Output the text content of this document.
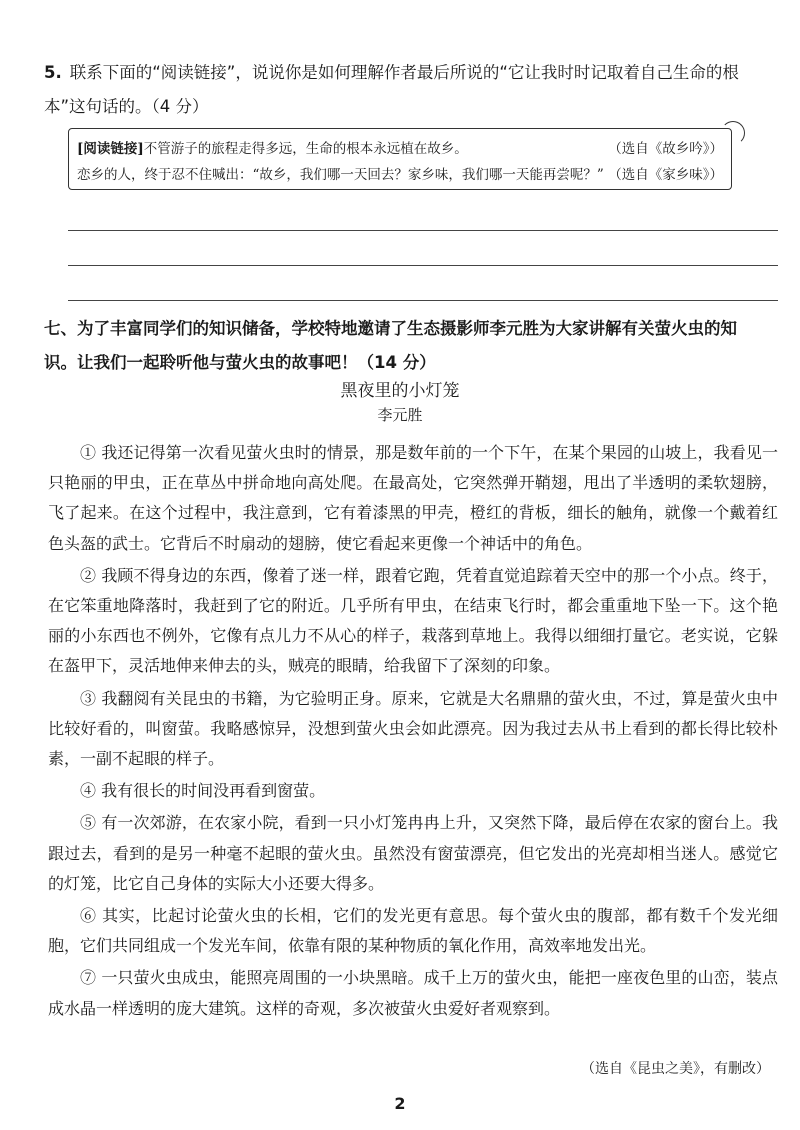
5. 联系下面的“阅读链接”，说说你是如何理解作者最后所说的“它让我时时记取着自己生命的根本”这句话的。（4 分）
[阅读链接]不管游子的旅程走得多远，生命的根本永远植在故乡。	（选自《故乡吟》）
恋乡的人，终于忍不住喊出：“故乡，我们哪一天回去？家乡味，我们哪一天能再尝呢？” （选自《家乡味》）
七、为了丰富同学们的知识储备，学校特地邀请了生态摄影师李元胜为大家讲解有关萤火虫的知识。让我们一起聆听他与萤火虫的故事吧！（14 分）
黑夜里的小灯笼
李元胜

① 我还记得第一次看见萤火虫时的情景，那是数年前的一个下午，在某个果园的山坡上，我看见一只艳丽的甲虫，正在草丛中拼命地向高处爬。在最高处，它突然弹开鞘翅，甩出了半透明的柔软翅膀，飞了起来。在这个过程中，我注意到，它有着漆黑的甲壳，橙红的背板，细长的触角，就像一个戴着红色头盔的武士。它背后不时扇动的翅膀，使它看起来更像一个神话中的角色。

② 我顾不得身边的东西，像着了迷一样，跟着它跑，凭着直觉追踪着天空中的那一个小点。终于，在它笨重地降落时，我赶到了它的附近。几乎所有甲虫，在结束飞行时，都会重重地下坠一下。这个艳丽的小东西也不例外，它像有点儿力不从心的样子，栽落到草地上。我得以细细打量它。老实说，它躲在盔甲下，灵活地伸来伸去的头，贼亮的眼睛，给我留下了深刻的印象。

③ 我翻阅有关昆虫的书籍，为它验明正身。原来，它就是大名鼎鼎的萤火虫，不过，算是萤火虫中比较好看的，叫窗萤。我略感惊异，没想到萤火虫会如此漂亮。因为我过去从书上看到的都长得比较朴素，一副不起眼的样子。

④ 我有很长的时间没再看到窗萤。

⑤ 有一次郊游，在农家小院，看到一只小灯笼冉冉上升，又突然下降，最后停在农家的窗台上。我跟过去，看到的是另一种毫不起眼的萤火虫。虽然没有窗萤漂亮，但它发出的光亮却相当迷人。感觉它的灯笼，比它自己身体的实际大小还要大得多。

⑥ 其实，比起讨论萤火虫的长相，它们的发光更有意思。每个萤火虫的腹部，都有数千个发光细胞，它们共同组成一个发光车间，依靠有限的某种物质的氧化作用，高效率地发出光。

⑦ 一只萤火虫成虫，能照亮周围的一小块黑暗。成千上万的萤火虫，能把一座夜色里的山峦，装点成水晶一样透明的庞大建筑。这样的奇观，多次被萤火虫爱好者观察到。

（选自《昆虫之美》，有删改）
2
